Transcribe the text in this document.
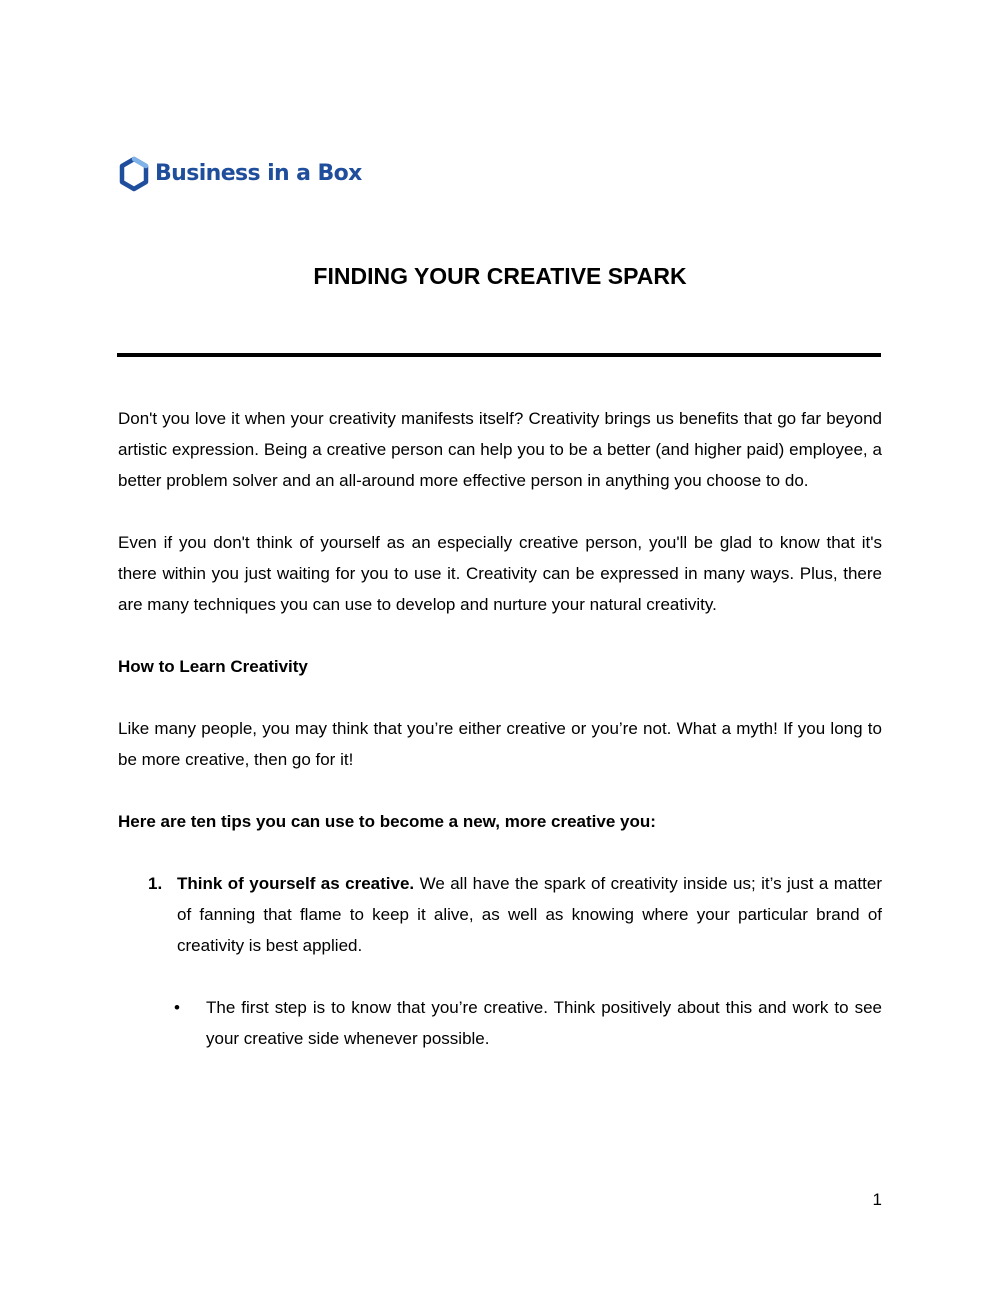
Business in a Box
FINDING YOUR CREATIVE SPARK

Don't you love it when your creativity manifests itself? Creativity brings us benefits that go far beyond artistic expression. Being a creative person can help you to be a better (and higher paid) employee, a better problem solver and an all-around more effective person in anything you choose to do.

Even if you don't think of yourself as an especially creative person, you'll be glad to know that it's there within you just waiting for you to use it. Creativity can be expressed in many ways. Plus, there are many techniques you can use to develop and nurture your natural creativity.

How to Learn Creativity

Like many people, you may think that you’re either creative or you’re not. What a myth! If you long to be more creative, then go for it!

Here are ten tips you can use to become a new, more creative you:

1. Think of yourself as creative. We all have the spark of creativity inside us; it’s just a matter of fanning that flame to keep it alive, as well as knowing where your particular brand of creativity is best applied.
• The first step is to know that you’re creative. Think positively about this and work to see your creative side whenever possible.
1
